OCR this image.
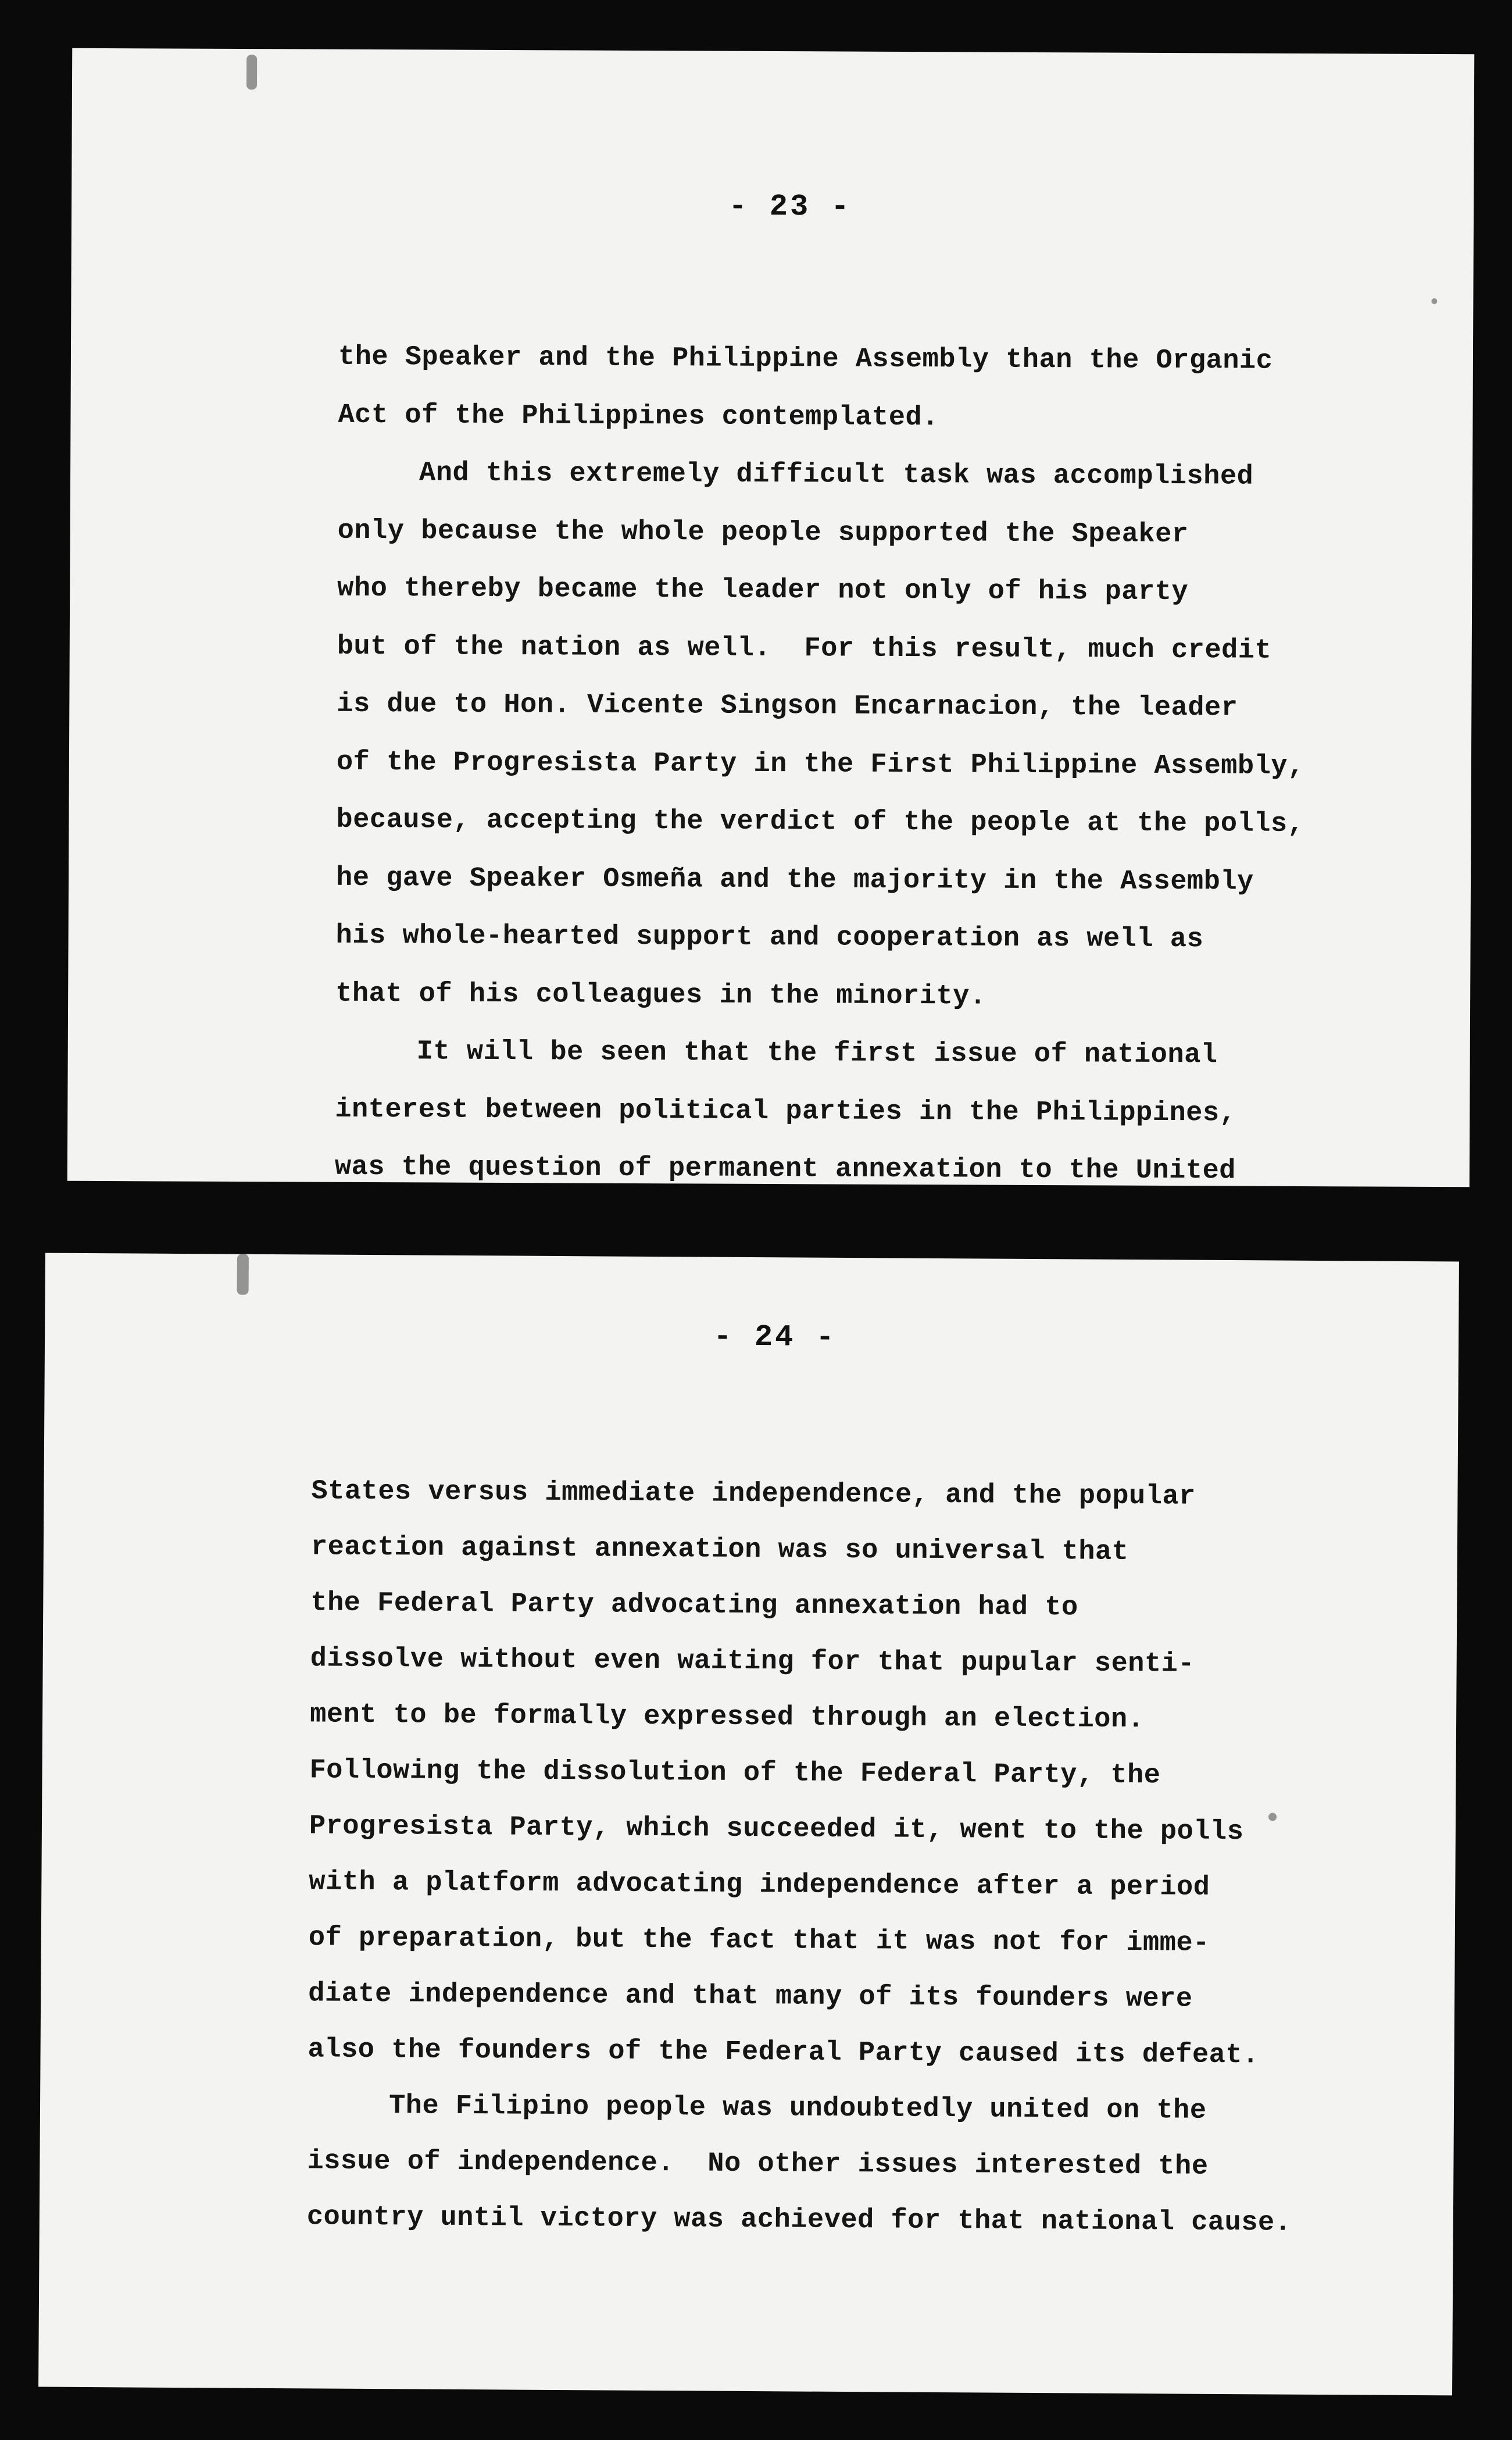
- 23 -
the Speaker and the Philippine Assembly than the Organic
Act of the Philippines contemplated.
And this extremely difficult task was accomplished
only because the whole people supported the Speaker
who thereby became the leader not only of his party
but of the nation as well.  For this result, much credit
is due to Hon. Vicente Singson Encarnacion, the leader
of the Progresista Party in the First Philippine Assembly,
because, accepting the verdict of the people at the polls,
he gave Speaker Osmeña and the majority in the Assembly
his whole-hearted support and cooperation as well as
that of his colleagues in the minority.
It will be seen that the first issue of national
interest between political parties in the Philippines,
was the question of permanent annexation to the United
- 24 -
States versus immediate independence, and the popular
reaction against annexation was so universal that
the Federal Party advocating annexation had to
dissolve without even waiting for that pupular senti-
ment to be formally expressed through an election.
Following the dissolution of the Federal Party, the
Progresista Party, which succeeded it, went to the polls
with a platform advocating independence after a period
of preparation, but the fact that it was not for imme-
diate independence and that many of its founders were
also the founders of the Federal Party caused its defeat.
The Filipino people was undoubtedly united on the
issue of independence.  No other issues interested the
country until victory was achieved for that national cause.
